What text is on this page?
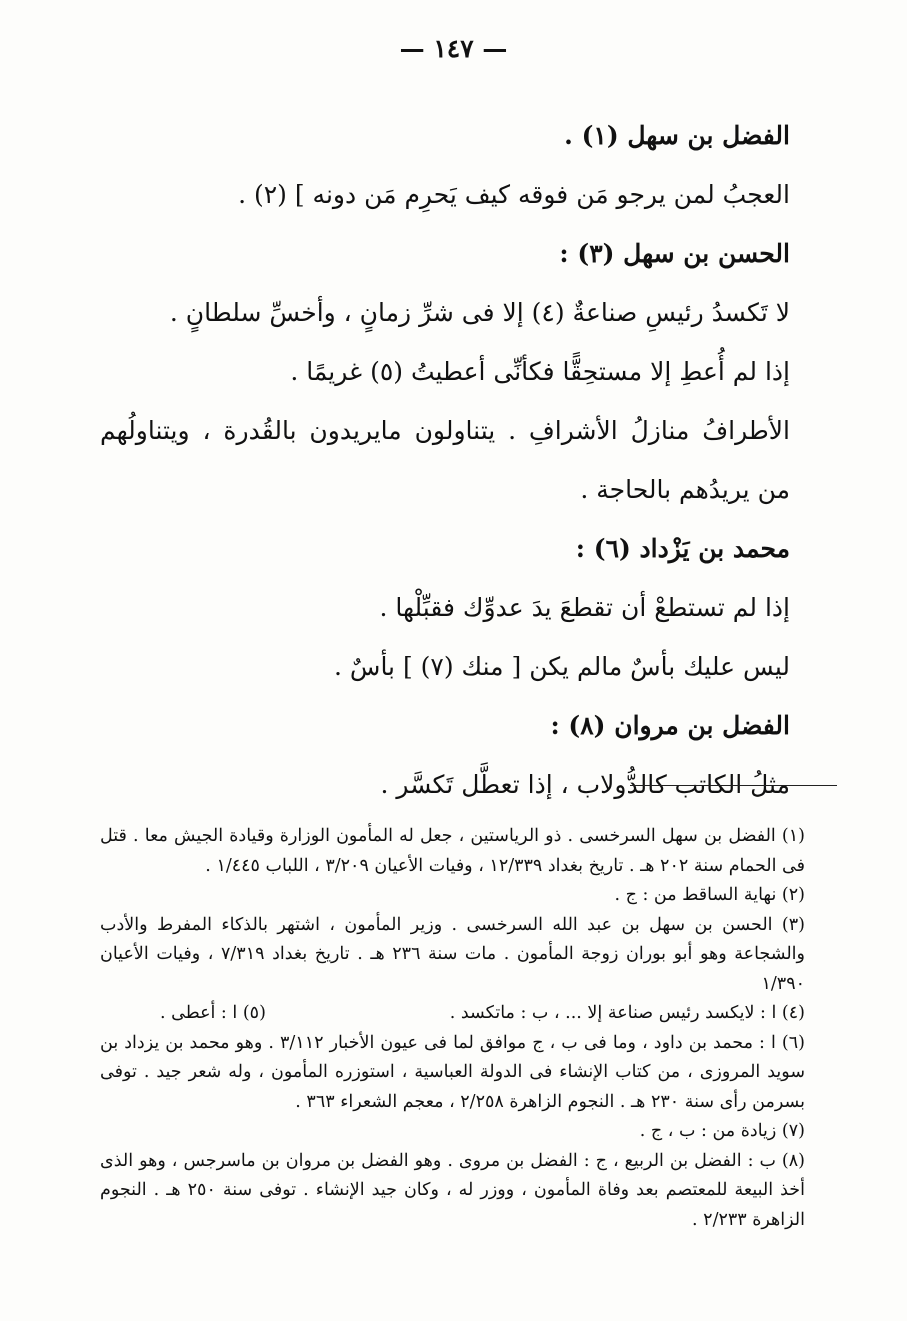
— ١٤٧ —
الفضل بن سهل (١) .
العجبُ لمن يرجو مَن فوقه كيف يَحرِم مَن دونه ] (٢) .
الحسن بن سهل (٣) :
لا تَكسدُ رئيسِ صناعةٌ (٤) إلا فى شرِّ زمانٍ ، وأخسِّ سلطانٍ .
إذا لم أُعطِ إلا مستحِقًّا فكأنِّى أعطيتُ (٥) غريمًا .
الأطرافُ منازلُ الأشرافِ . يتناولون مايريدون بالقُدرة ، ويتناولُهم من يريدُهم بالحاجة .
محمد بن يَزْداد (٦) :
إذا لم تستطعْ أن تقطعَ يدَ عدوِّك فقبِّلْها .
ليس عليك بأسٌ مالم يكن [ منك (٧) ] بأسٌ .
الفضل بن مروان (٨) :
مثلُ الكاتب كالدُّولاب ، إذا تعطَّل تَكسَّر .
(١) الفضل بن سهل السرخسى . ذو الرياستين ، جعل له المأمون الوزارة وقيادة الجيش معا . قتل فى الحمام سنة ٢٠٢ هـ . تاريخ بغداد ١٢/٣٣٩ ، وفيات الأعيان ٣/٢٠٩ ، اللباب ١/٤٤٥ .
(٢) نهاية الساقط من : ج .
(٣) الحسن بن سهل بن عبد الله السرخسى . وزير المأمون ، اشتهر بالذكاء المفرط والأدب والشجاعة وهو أبو بوران زوجة المأمون . مات سنة ٢٣٦ هـ . تاريخ بغداد ٧/٣١٩ ، وفيات الأعيان ١/٣٩٠
(٤) ا : لايكسد رئيس صناعة إلا ... ، ب : ماتكسد .
(٥) ا : أعطى .
(٦) ا : محمد بن داود ، وما فى ب ، ج موافق لما فى عيون الأخبار ٣/١١٢ . وهو محمد بن يزداد بن سويد المروزى ، من كتاب الإنشاء فى الدولة العباسية ، استوزره المأمون ، وله شعر جيد . توفى بسرمن رأى سنة ٢٣٠ هـ . النجوم الزاهرة ٢/٢٥٨ ، معجم الشعراء ٣٦٣ .
(٧) زيادة من : ب ، ج .
(٨) ب : الفضل بن الربيع ، ج : الفضل بن مروى . وهو الفضل بن مروان بن ماسرجس ، وهو الذى أخذ البيعة للمعتصم بعد وفاة المأمون ، ووزر له ، وكان جيد الإنشاء . توفى سنة ٢٥٠ هـ . النجوم الزاهرة ٢/٢٣٣ .
